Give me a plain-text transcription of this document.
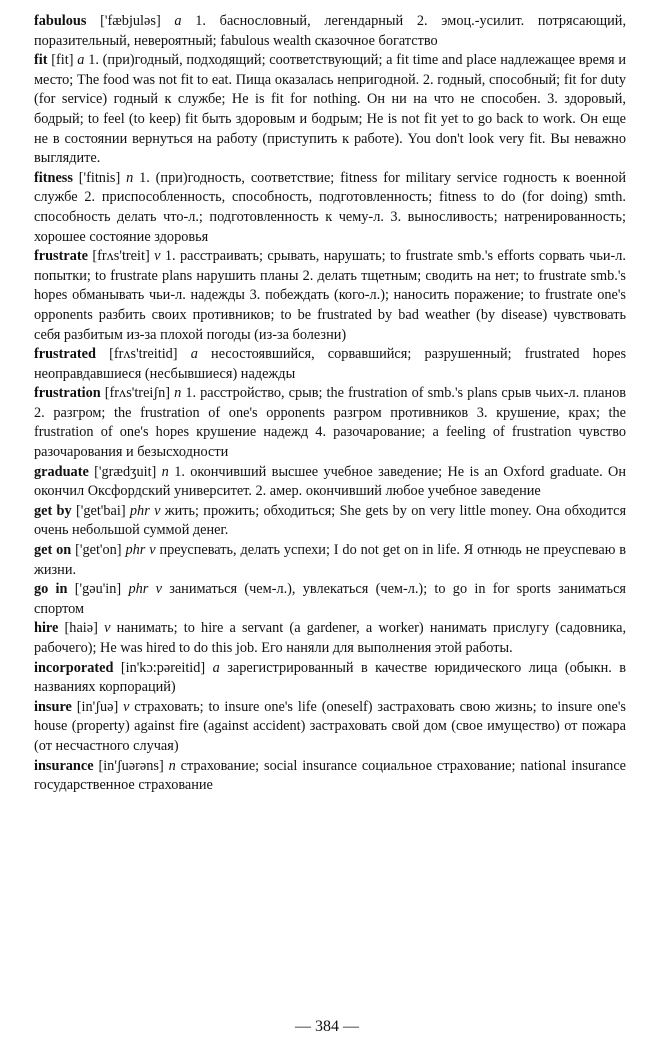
fabulous ['fæbjuləs] a 1. баснословный, легендарный 2. эмоц.-усилит. потрясающий, поразительный, невероятный; fabulous wealth сказочное богатство

fit [fit] a 1. (при)годный, подходящий; соответствующий; a fit time and place надлежащее время и место; The food was not fit to eat. Пища оказалась непригодной. 2. годный, способный; fit for duty (for service) годный к службе; He is fit for nothing. Он ни на что не способен. 3. здоровый, бодрый; to feel (to keep) fit быть здоровым и бодрым; He is not fit yet to go back to work. Он еще не в состоянии вернуться на работу (приступить к работе). You don't look very fit. Вы неважно выглядите.

fitness ['fitnis] n 1. (при)годность, соответствие; fitness for military service годность к военной службе 2. приспособленность, способность, подготовленность; fitness to do (for doing) smth. способность делать что-л.; подготовленность к чему-л. 3. выносливость; натренированность; хорошее состояние здоровья

frustrate [frʌs'treit] v 1. расстраивать; срывать, нарушать; to frustrate smb.'s efforts сорвать чьи-л. попытки; to frustrate plans нарушить планы 2. делать тщетным; сводить на нет; to frustrate smb.'s hopes обманывать чьи-л. надежды 3. побеждать (кого-л.); наносить поражение; to frustrate one's opponents разбить своих противников; to be frustrated by bad weather (by disease) чувствовать себя разбитым из-за плохой погоды (из-за болезни)

frustrated [frʌs'treitid] a несостоявшийся, сорвавшийся; разрушенный; frustrated hopes неоправдавшиеся (несбывшиеся) надежды

frustration [frʌs'treiʃn] n 1. расстройство, срыв; the frustration of smb.'s plans срыв чьих-л. планов 2. разгром; the frustration of one's opponents разгром противников 3. крушение, крах; the frustration of one's hopes крушение надежд 4. разочарование; a feeling of frustration чувство разочарования и безысходности

graduate ['grædʒuit] n 1. окончивший высшее учебное заведение; He is an Oxford graduate. Он окончил Оксфордский университет. 2. амер. окончивший любое учебное заведение

get by ['get'bai] phr v жить; прожить; обходиться; She gets by on very little money. Она обходится очень небольшой суммой денег.

get on ['get'on] phr v преуспевать, делать успехи; I do not get on in life. Я отнюдь не преуспеваю в жизни.

go in ['gəu'in] phr v заниматься (чем-л.), увлекаться (чем-л.); to go in for sports заниматься спортом

hire [haiə] v нанимать; to hire a servant (a gardener, a worker) нанимать прислугу (садовника, рабочего); He was hired to do this job. Его наняли для выполнения этой работы.

incorporated [in'kɔ:pəreitid] a зарегистрированный в качестве юридического лица (обыкн. в названиях корпораций)

insure [in'ʃuə] v страховать; to insure one's life (oneself) застраховать свою жизнь; to insure one's house (property) against fire (against accident) застраховать свой дом (свое имущество) от пожара (от несчастного случая)

insurance [in'ʃuərəns] n страхование; social insurance социальное страхование; national insurance государственное страхование

— 384 —
